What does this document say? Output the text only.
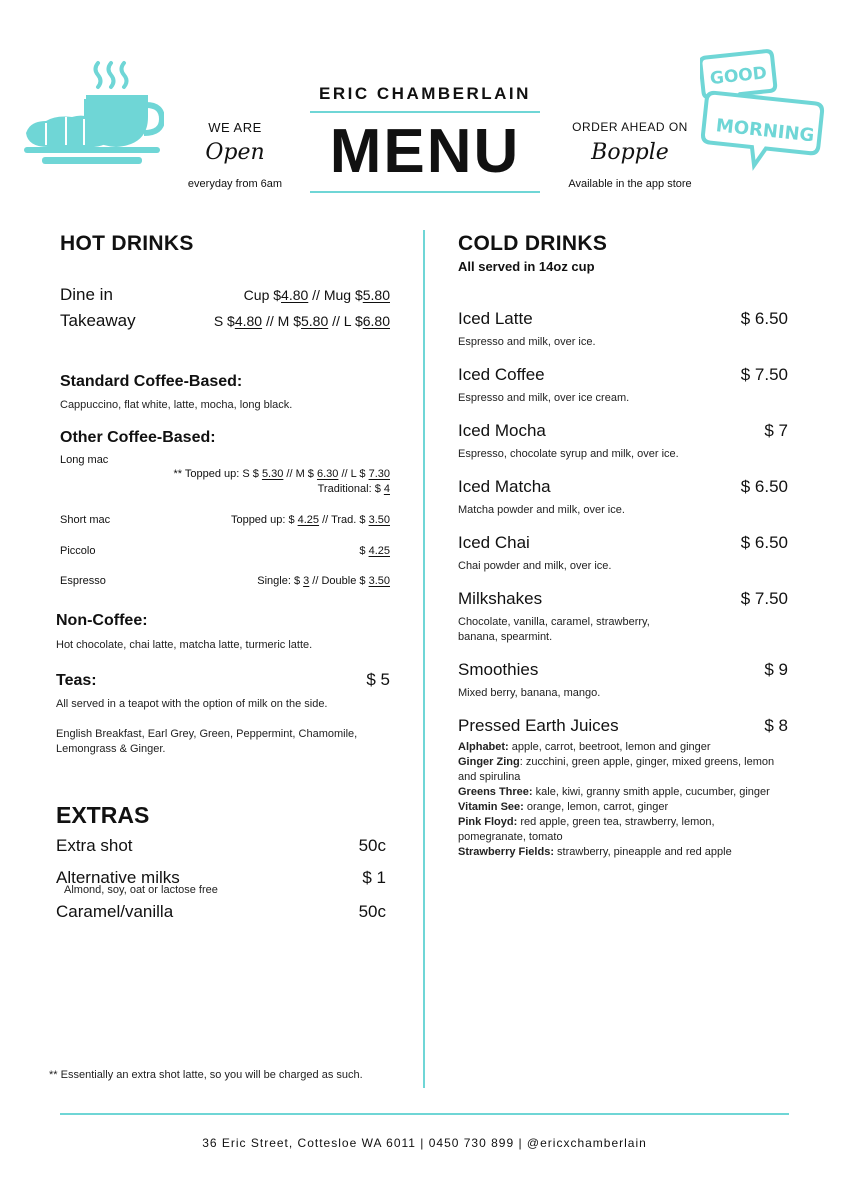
WE ARE
Open
everyday from 6am
ERIC CHAMBERLAIN
MENU	ORDER AHEAD ON
Bopple
Available in the app store
GOOD
MORNING
HOT DRINKS
Dine in	Cup $4.80 // Mug $5.80
Takeaway	S $4.80 // M $5.80 // L $6.80
Standard Coffee-Based:
Cappuccino, flat white, latte, mocha, long black.
Other Coffee-Based:
Long mac
** Topped up: S $ 5.30 // M $ 6.30 // L $ 7.30
Traditional: $ 4
Short mac	Topped up: $ 4.25 // Trad. $ 3.50
Piccolo	$ 4.25
Espresso	Single: $ 3 // Double $ 3.50
Non-Coffee:
Hot chocolate, chai latte, matcha latte, turmeric latte.
Teas:	$ 5
All served in a teapot with the option of milk on the side.
English Breakfast, Earl Grey, Green, Peppermint, Chamomile, Lemongrass & Ginger.
EXTRAS
Extra shot	50c
Alternative milks	$ 1
Almond, soy, oat or lactose free
Caramel/vanilla	50c
** Essentially an extra shot latte, so you will be charged as such.
COLD DRINKS
All served in 14oz cup
Iced Latte	$ 6.50
Espresso and milk, over ice.
Iced Coffee	$ 7.50
Espresso and milk, over ice cream.
Iced Mocha	$ 7
Espresso, chocolate syrup and milk, over ice.
Iced Matcha	$ 6.50
Matcha powder and milk, over ice.
Iced Chai	$ 6.50
Chai powder and milk, over ice.
Milkshakes	$ 7.50
Chocolate, vanilla, caramel, strawberry, banana, spearmint.
Smoothies	$ 9
Mixed berry, banana, mango.
Pressed Earth Juices	$ 8
Alphabet: apple, carrot, beetroot, lemon and ginger
Ginger Zing: zucchini, green apple, ginger, mixed greens, lemon and spirulina
Greens Three: kale, kiwi, granny smith apple, cucumber, ginger
Vitamin See: orange, lemon, carrot, ginger
Pink Floyd: red apple, green tea, strawberry, lemon, pomegranate, tomato
Strawberry Fields: strawberry, pineapple and red apple
36 Eric Street, Cottesloe WA 6011 | 0450 730 899 | @ericxchamberlain
